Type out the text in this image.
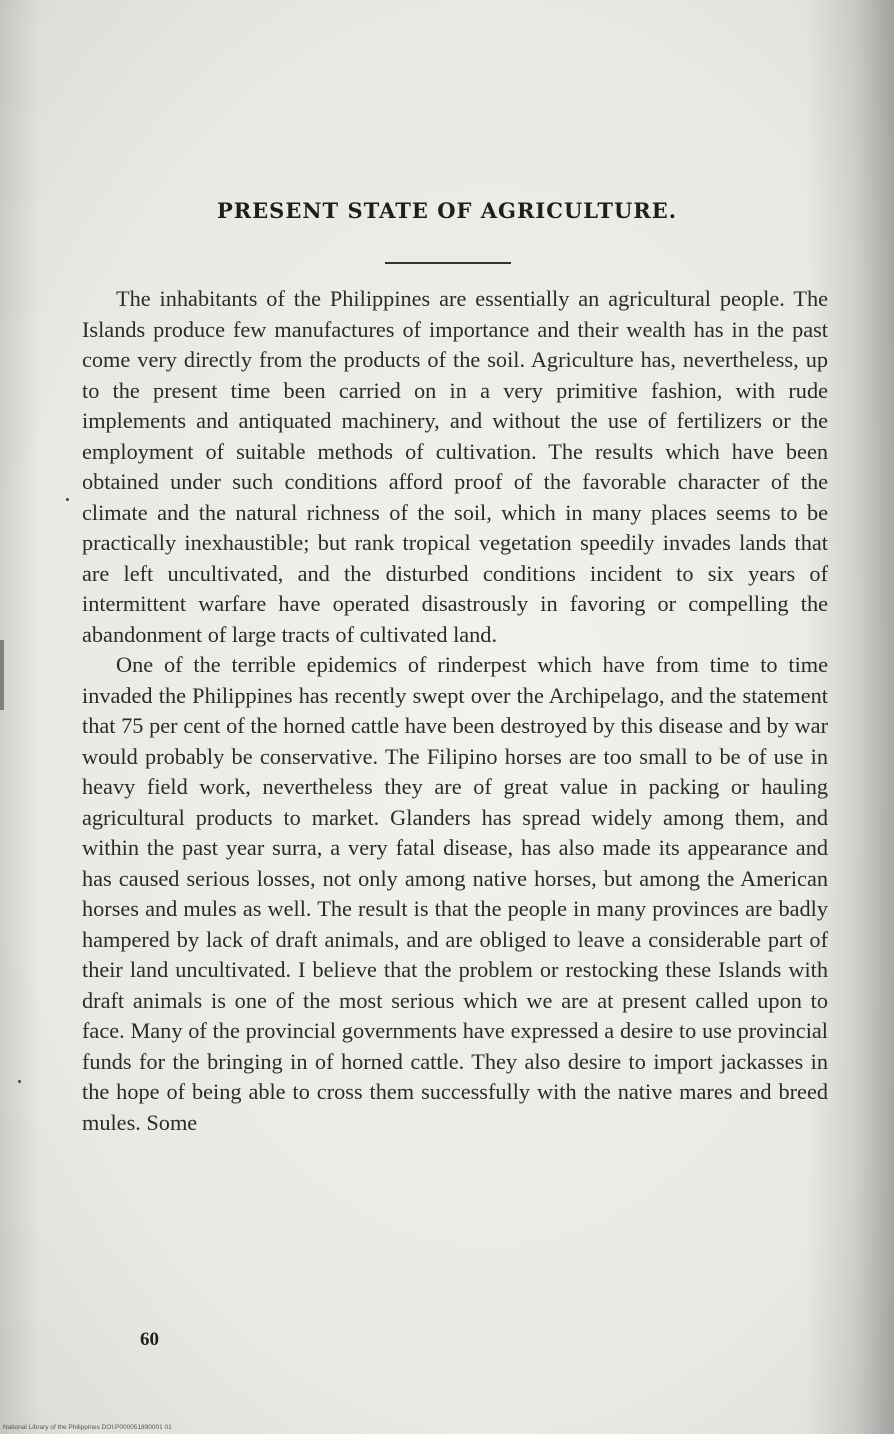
PRESENT STATE OF AGRICULTURE.

The inhabitants of the Philippines are essentially an agricultural people. The Islands produce few manufactures of importance and their wealth has in the past come very directly from the products of the soil. Agriculture has, nevertheless, up to the present time been carried on in a very primitive fashion, with rude implements and antiquated machinery, and without the use of fertilizers or the employment of suitable methods of cultivation. The results which have been obtained under such conditions afford proof of the favorable character of the climate and the natural richness of the soil, which in many places seems to be practically inexhaustible; but rank tropical vegetation speedily invades lands that are left uncultivated, and the disturbed conditions incident to six years of intermittent warfare have operated disastrously in favoring or compelling the abandonment of large tracts of cultivated land.

One of the terrible epidemics of rinderpest which have from time to time invaded the Philippines has recently swept over the Archipelago, and the statement that 75 per cent of the horned cattle have been destroyed by this disease and by war would probably be conservative. The Filipino horses are too small to be of use in heavy field work, nevertheless they are of great value in packing or hauling agricultural products to market. Glanders has spread widely among them, and within the past year surra, a very fatal disease, has also made its appearance and has caused serious losses, not only among native horses, but among the American horses and mules as well. The result is that the people in many provinces are badly hampered by lack of draft animals, and are obliged to leave a considerable part of their land uncultivated. I believe that the problem or restocking these Islands with draft animals is one of the most serious which we are at present called upon to face. Many of the provincial governments have expressed a desire to use provincial funds for the bringing in of horned cattle. They also desire to import jackasses in the hope of being able to cross them successfully with the native mares and breed mules. Some

60
National Library of the Philippines DOI:P000051890001 01
